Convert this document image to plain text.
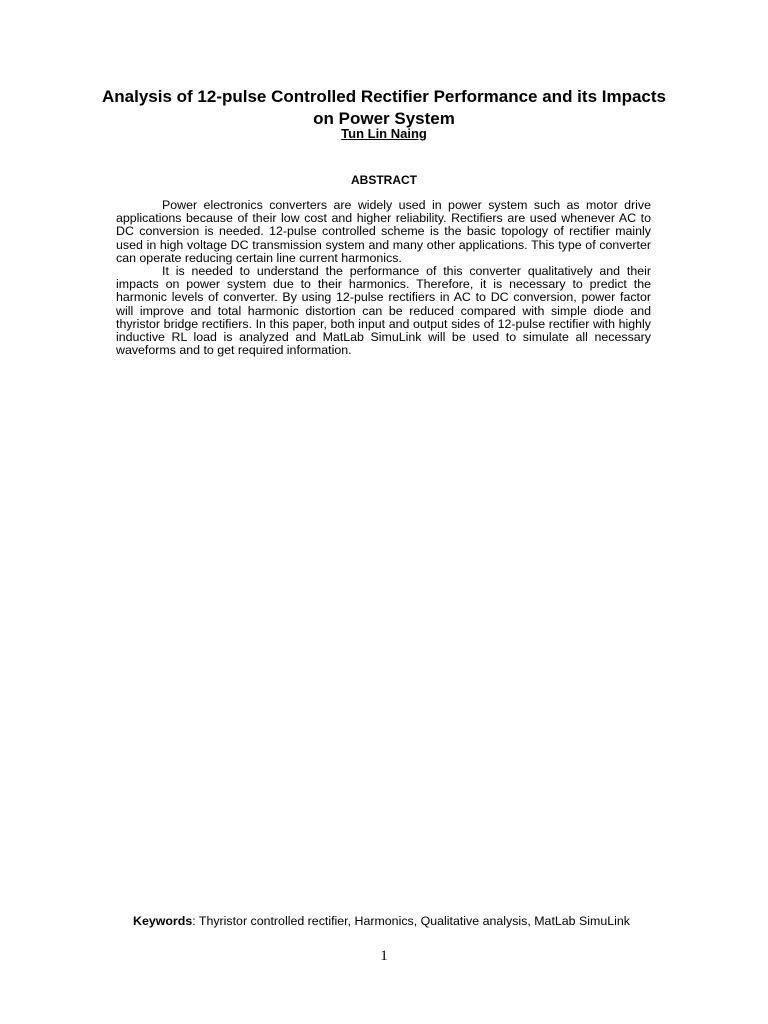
Analysis of 12-pulse Controlled Rectifier Performance and its Impacts on Power System
Tun Lin Naing
ABSTRACT

Power electronics converters are widely used in power system such as motor drive applications because of their low cost and higher reliability. Rectifiers are used whenever AC to DC conversion is needed. 12-pulse controlled scheme is the basic topology of rectifier mainly used in high voltage DC transmission system and many other applications. This type of converter can operate reducing certain line current harmonics.

It is needed to understand the performance of this converter qualitatively and their impacts on power system due to their harmonics. Therefore, it is necessary to predict the harmonic levels of converter. By using 12-pulse rectifiers in AC to DC conversion, power factor will improve and total harmonic distortion can be reduced compared with simple diode and thyristor bridge rectifiers. In this paper, both input and output sides of 12-pulse rectifier with highly inductive RL load is analyzed and MatLab SimuLink will be used to simulate all necessary waveforms and to get required information.

Keywords: Thyristor controlled rectifier, Harmonics, Qualitative analysis, MatLab SimuLink
1
